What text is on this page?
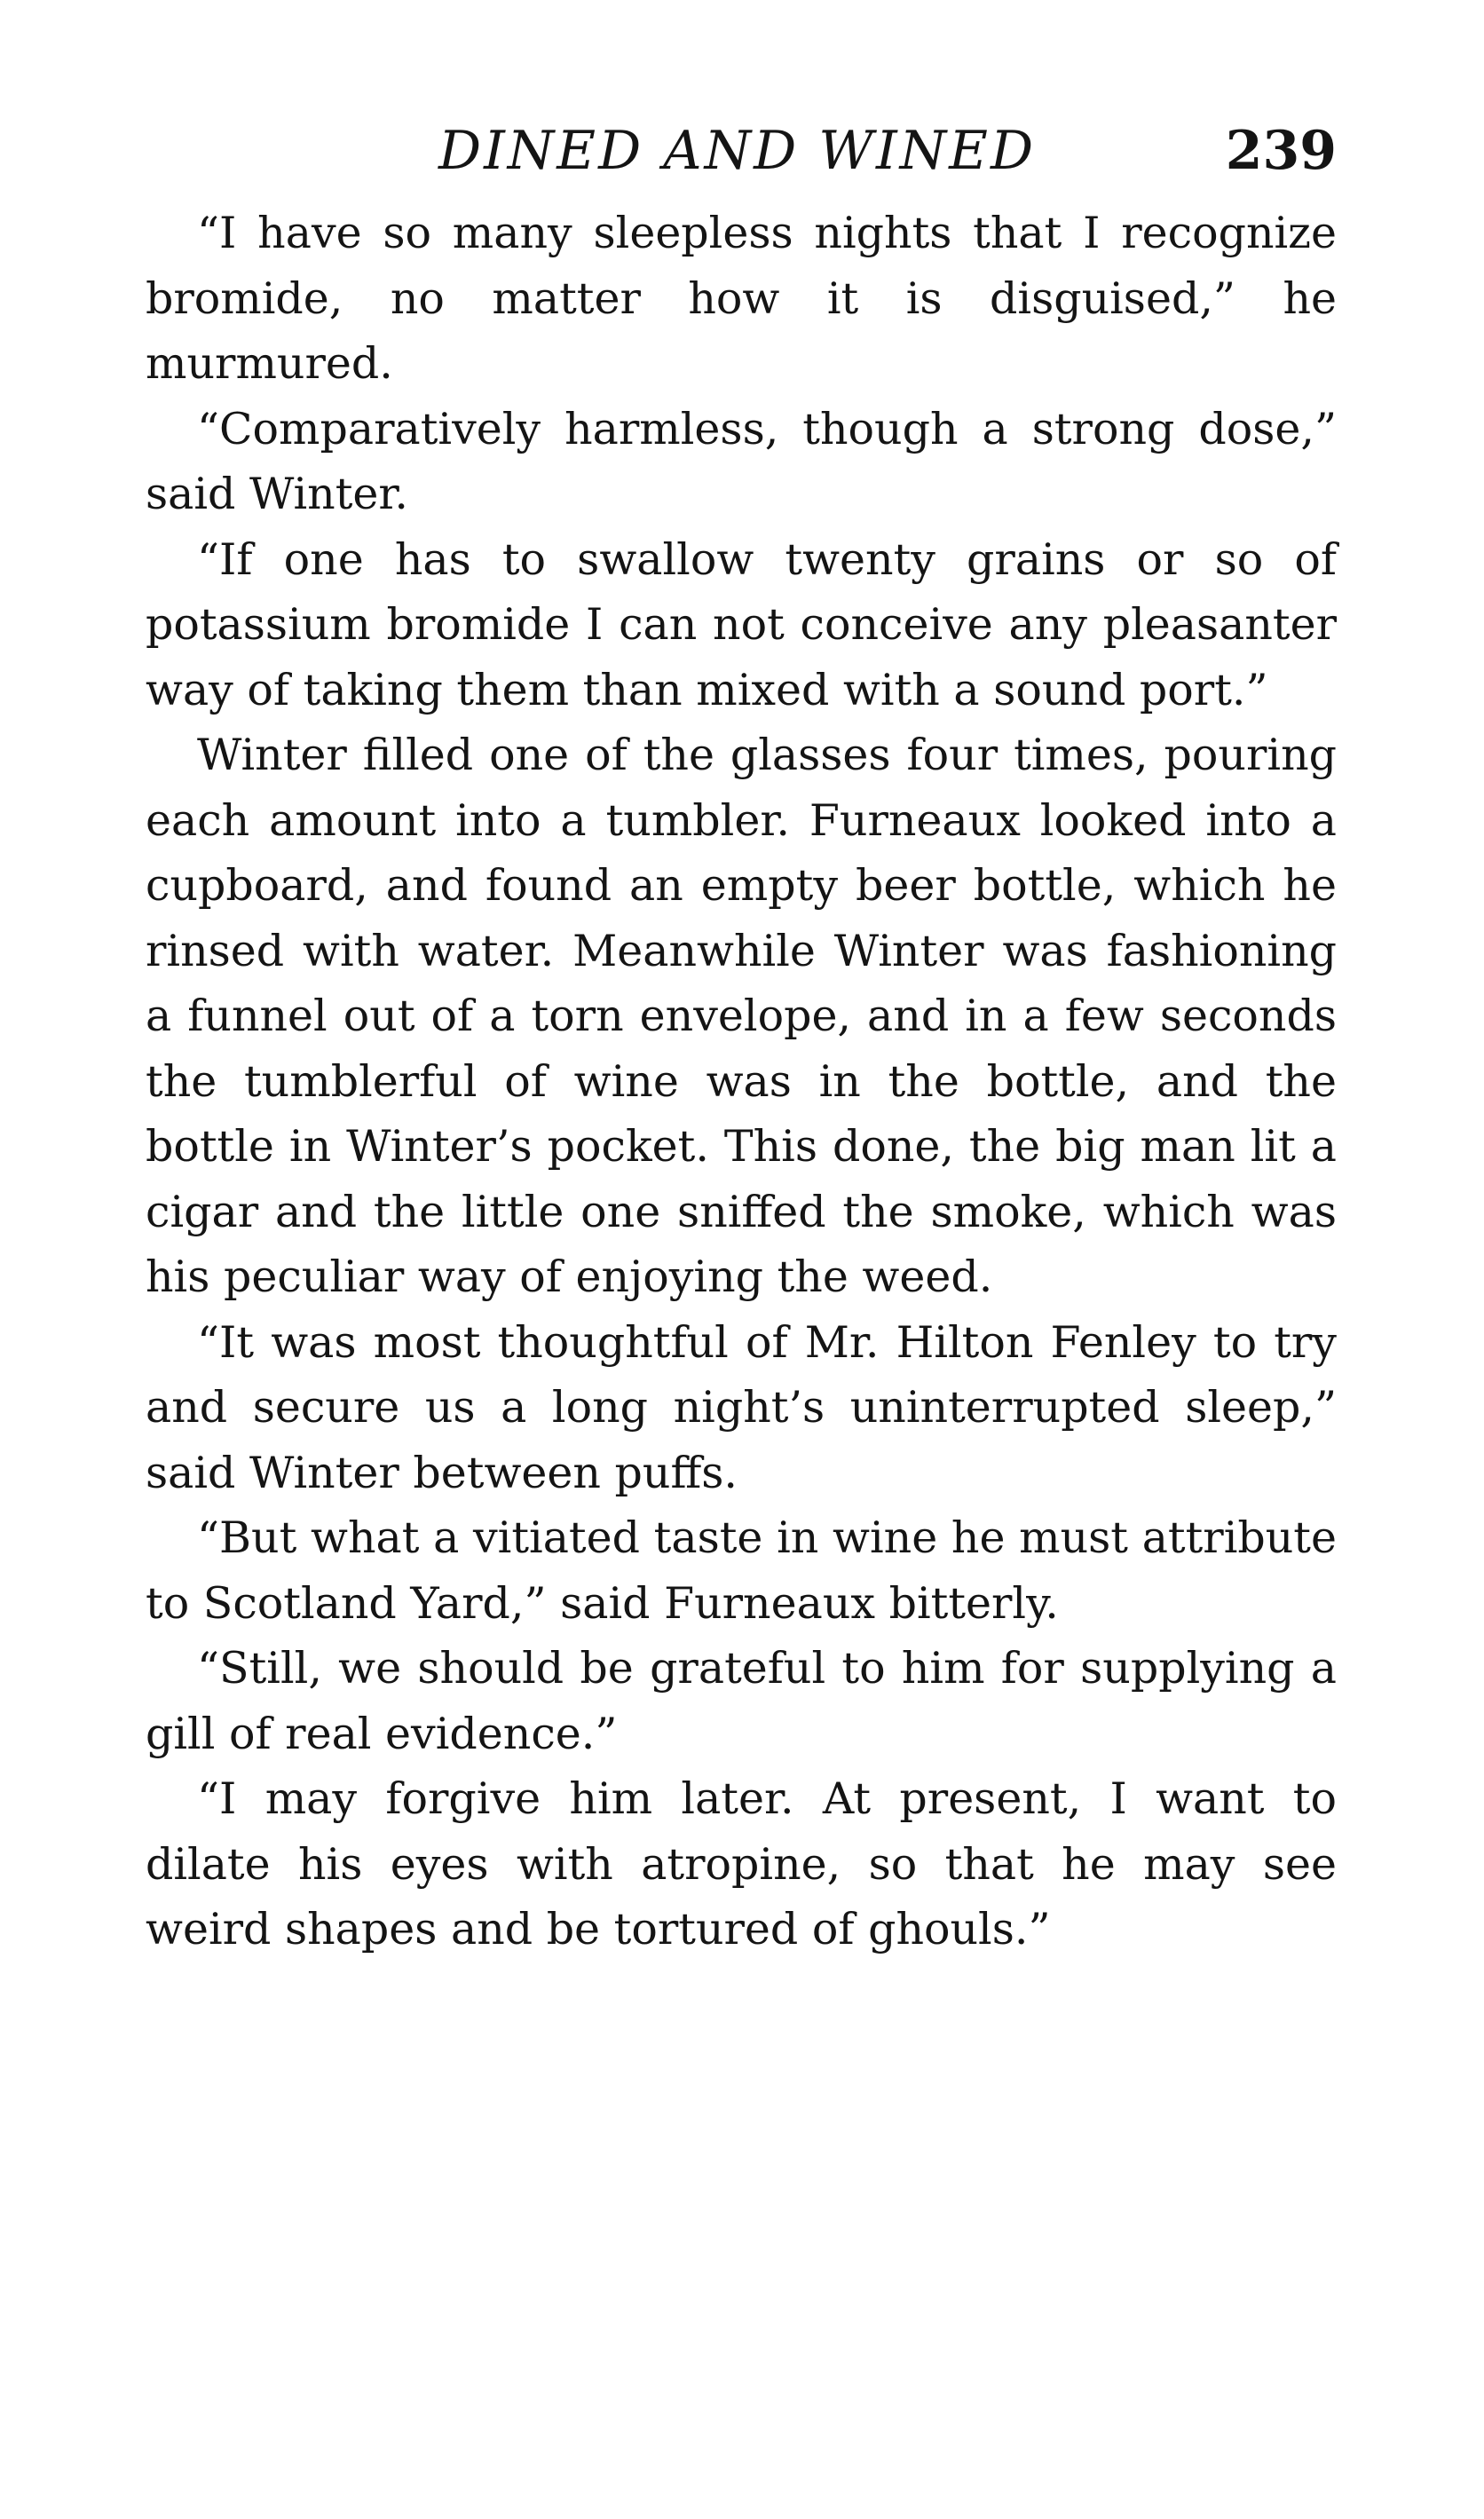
DINED AND WINED	239

“I have so many sleepless nights that I recognize bromide, no matter how it is disguised,” he murmured.

“Comparatively harmless, though a strong dose,” said Winter.

“If one has to swallow twenty grains or so of potassium bromide I can not conceive any pleasanter way of taking them than mixed with a sound port.”

Winter filled one of the glasses four times, pouring each amount into a tumbler. Furneaux looked into a cupboard, and found an empty beer bottle, which he rinsed with water. Meanwhile Winter was fashioning a funnel out of a torn envelope, and in a few seconds the tumblerful of wine was in the bottle, and the bottle in Winter’s pocket. This done, the big man lit a cigar and the little one sniffed the smoke, which was his peculiar way of enjoying the weed.

“It was most thoughtful of Mr. Hilton Fenley to try and secure us a long night’s uninterrupted sleep,” said Winter between puffs.

“But what a vitiated taste in wine he must attribute to Scotland Yard,” said Furneaux bitterly.

“Still, we should be grateful to him for supplying a gill of real evidence.”

“I may forgive him later. At present, I want to dilate his eyes with atropine, so that he may see weird shapes and be tortured of ghouls.”
